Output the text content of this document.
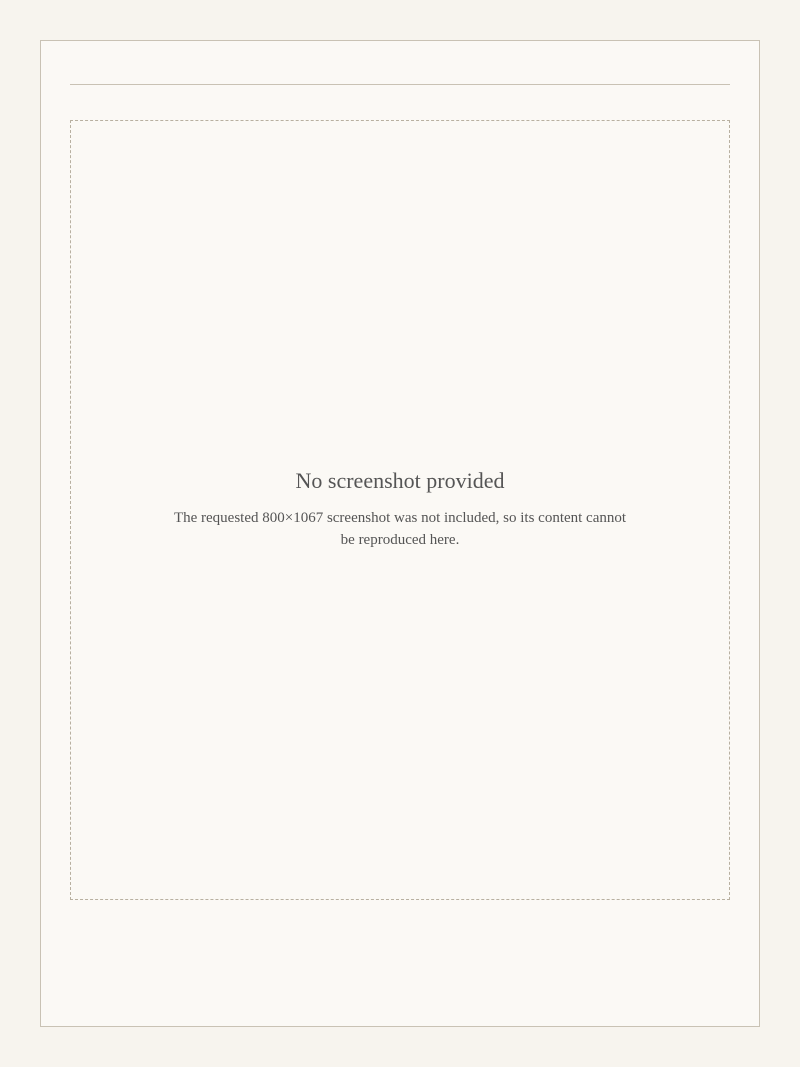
No screenshot provided

The requested 800×1067 screenshot was not included, so its content cannot be reproduced here.
